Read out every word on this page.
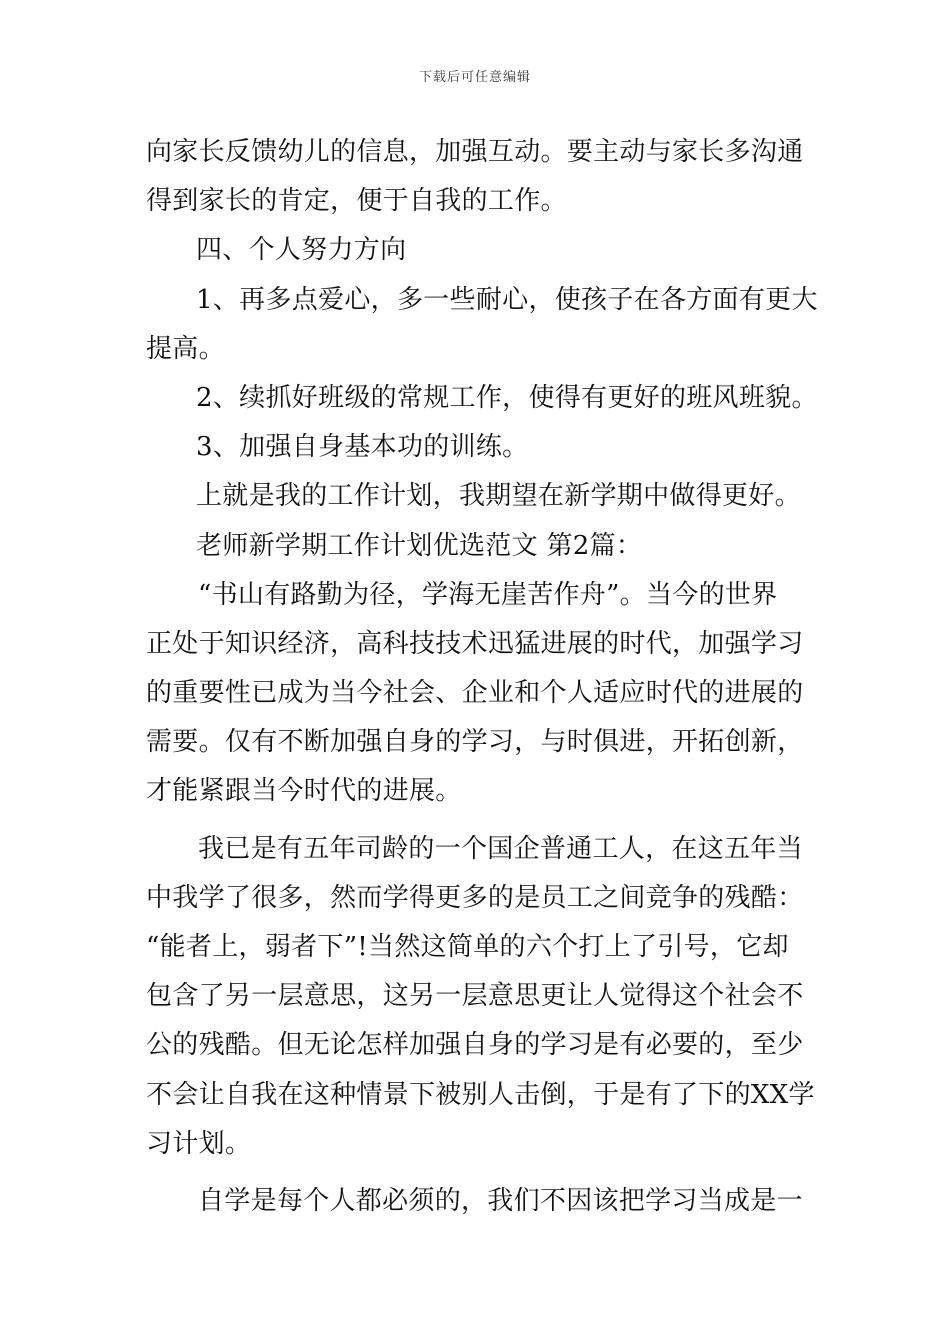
下载后可任意编辑
向家长反馈幼儿的信息，加强互动。要主动与家长多沟通
得到家长的肯定，便于自我的工作。
四、个人努力方向
1、再多点爱心，多一些耐心，使孩子在各方面有更大
提高。
2、续抓好班级的常规工作，使得有更好的班风班貌。
3、加强自身基本功的训练。
上就是我的工作计划，我期望在新学期中做得更好。
老师新学期工作计划优选范文 第2篇：
“书山有路勤为径，学海无崖苦作舟”。当今的世界
正处于知识经济，高科技技术迅猛进展的时代，加强学习
的重要性已成为当今社会、企业和个人适应时代的进展的
需要。仅有不断加强自身的学习，与时俱进，开拓创新，
才能紧跟当今时代的进展。
我已是有五年司龄的一个国企普通工人，在这五年当
中我学了很多，然而学得更多的是员工之间竞争的残酷：
“能者上，弱者下”!当然这简单的六个打上了引号，它却
包含了另一层意思，这另一层意思更让人觉得这个社会不
公的残酷。但无论怎样加强自身的学习是有必要的，至少
不会让自我在这种情景下被别人击倒，于是有了下的XX学
习计划。
自学是每个人都必须的，我们不因该把学习当成是一
